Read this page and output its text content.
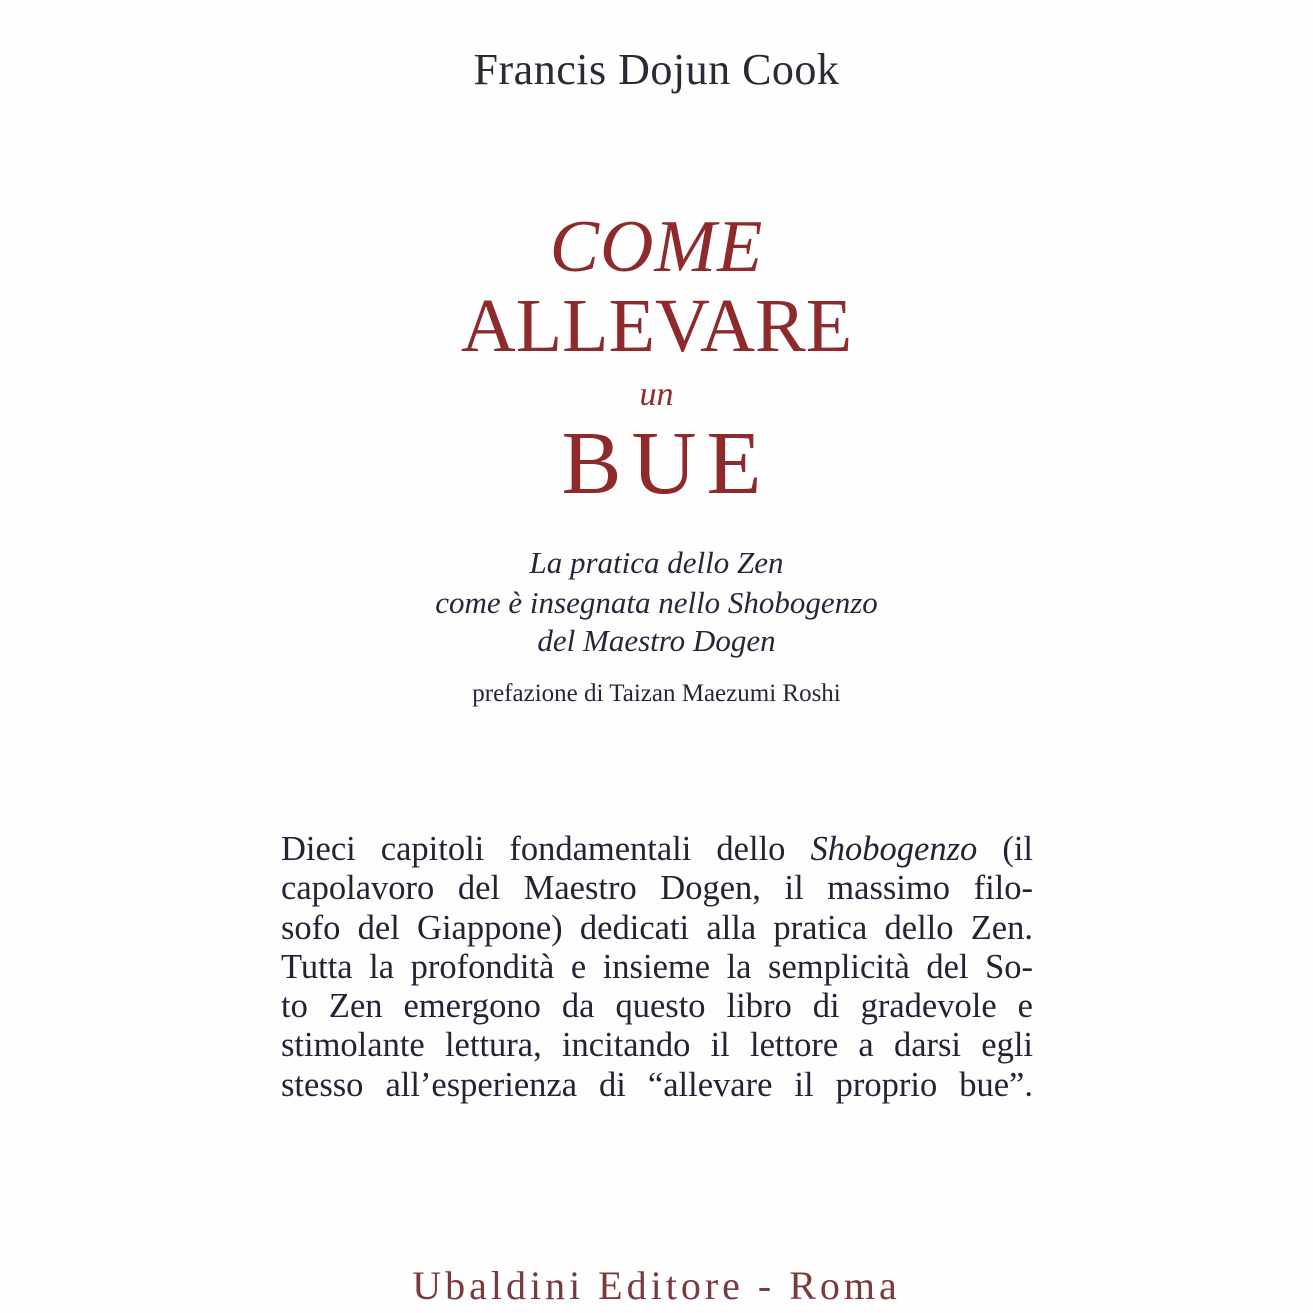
Francis Dojun Cook
COME
ALLEVARE
un
BUE
La pratica dello Zen
come è insegnata nello Shobogenzo
del Maestro Dogen
prefazione di Taizan Maezumi Roshi
Dieci capitoli fondamentali dello Shobogenzo (il
capolavoro del Maestro Dogen, il massimo filo-
sofo del Giappone) dedicati alla pratica dello Zen.
Tutta la profondità e insieme la semplicità del So-
to Zen emergono da questo libro di gradevole e
stimolante lettura, incitando il lettore a darsi egli
stesso all’esperienza di “allevare il proprio bue”.
Ubaldini Editore - Roma
